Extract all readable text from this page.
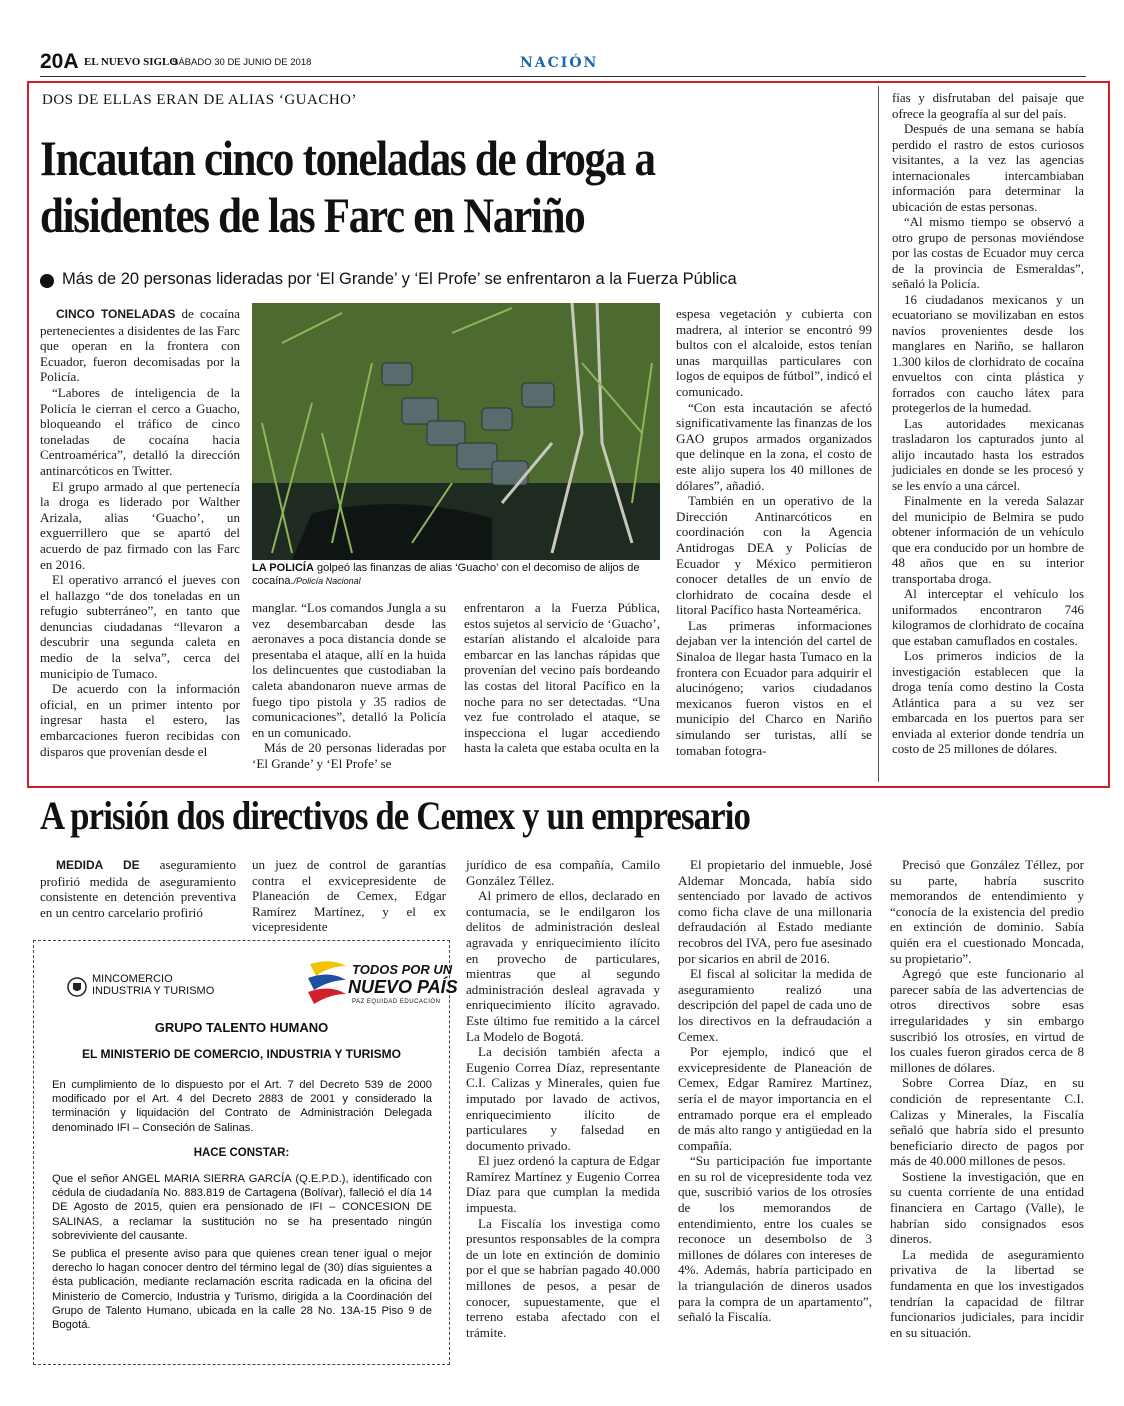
20A EL NUEVO SIGLO
SÁBADO 30 DE JUNIO DE 2018	NACIÓN
DOS DE ELLAS ERAN DE ALIAS ‘GUACHO’
Incautan cinco toneladas de droga a disidentes de las Farc en Nariño
Más de 20 personas lideradas por ‘El Grande’ y ‘El Profe’ se enfrentaron a la Fuerza Pública

CINCO TONELADAS de cocaína pertenecientes a disidentes de las Farc que operan en la frontera con Ecuador, fueron decomisadas por la Policía.

“Labores de inteligencia de la Policía le cierran el cerco a Guacho, bloqueando el tráfico de cinco toneladas de cocaína hacia Centroamérica”, detalló la dirección antinarcóticos en Twitter.

El grupo armado al que pertenecía la droga es liderado por Walther Arizala, alias ‘Guacho’, un exguerrillero que se apartó del acuerdo de paz firmado con las Farc en 2016.

El operativo arrancó el jueves con el hallazgo “de dos toneladas en un refugio subterráneo”, en tanto que denuncias ciudadanas “llevaron a descubrir una segunda caleta en medio de la selva”, cerca del municipio de Tumaco.

De acuerdo con la información oficial, en un primer intento por ingresar hasta el estero, las embarcaciones fueron recibidas con disparos que provenían desde el

LA POLICÍA golpeó las finanzas de alias ‘Guacho’ con el decomiso de alijos de cocaína./Policía Nacional

manglar. “Los comandos Jungla a su vez desembarcaban desde las aeronaves a poca distancia donde se presentaba el ataque, allí en la huida los delincuentes que custodiaban la caleta abandonaron nueve armas de fuego tipo pistola y 35 radios de comunicaciones”, detalló la Policía en un comunicado.

Más de 20 personas lideradas por ‘El Grande’ y ‘El Profe’ se

enfrentaron a la Fuerza Pública, estos sujetos al servicio de ‘Guacho’, estarían alistando el alcaloide para embarcar en las lanchas rápidas que provenían del vecino país bordeando las costas del litoral Pacífico en la noche para no ser detectadas. “Una vez fue controlado el ataque, se inspecciona el lugar accediendo hasta la caleta que estaba oculta en la

espesa vegetación y cubierta con madrera, al interior se encontró 99 bultos con el alcaloide, estos tenían unas marquillas particulares con logos de equipos de fútbol”, indicó el comunicado.

“Con esta incautación se afectó significativamente las finanzas de los GAO grupos armados organizados que delinque en la zona, el costo de este alijo supera los 40 millones de dólares”, añadió.

También en un operativo de la Dirección Antinarcóticos en coordinación con la Agencia Antidrogas DEA y Policías de Ecuador y México permitieron conocer detalles de un envío de clorhidrato de cocaína desde el litoral Pacífico hasta Norteamérica.

Las primeras informaciones dejaban ver la intención del cartel de Sinaloa de llegar hasta Tumaco en la frontera con Ecuador para adquirir el alucinógeno; varios ciudadanos mexicanos fueron vistos en el municipio del Charco en Nariño simulando ser turistas, allí se tomaban fotogra-

fías y disfrutaban del paisaje que ofrece la geografía al sur del país.

Después de una semana se había perdido el rastro de estos curiosos visitantes, a la vez las agencias internacionales intercambiaban información para determinar la ubicación de estas personas.

“Al mismo tiempo se observó a otro grupo de personas moviéndose por las costas de Ecuador muy cerca de la provincia de Esmeraldas”, señaló la Policía.

16 ciudadanos mexicanos y un ecuatoriano se movilizaban en estos navíos provenientes desde los manglares en Nariño, se hallaron 1.300 kilos de clorhidrato de cocaína envueltos con cinta plástica y forrados con caucho látex para protegerlos de la humedad.

Las autoridades mexicanas trasladaron los capturados junto al alijo incautado hasta los estrados judiciales en donde se les procesó y se les envío a una cárcel.

Finalmente en la vereda Salazar del municipio de Belmira se pudo obtener información de un vehículo que era conducido por un hombre de 48 años que en su interior transportaba droga.

Al interceptar el vehículo los uniformados encontraron 746 kilogramos de clorhidrato de cocaína que estaban camuflados en costales.

Los primeros indicios de la investigación establecen que la droga tenía como destino la Costa Atlántica para a su vez ser embarcada en los puertos para ser enviada al exterior donde tendría un costo de 25 millones de dólares.

A prisión dos directivos de Cemex y un empresario

MEDIDA DE aseguramiento profirió medida de aseguramiento consistente en detención preventiva en un centro carcelario profirió

un juez de control de garantías contra el exvicepresidente de Planeación de Cemex, Edgar Ramírez Martínez, y el ex vicepresidente

jurídico de esa compañía, Camilo González Téllez.

Al primero de ellos, declarado en contumacia, se le endilgaron los delitos de administración desleal agravada y enriquecimiento ilícito en provecho de particulares, mientras que al segundo administración desleal agravada y enriquecimiento ilícito agravado. Este último fue remitido a la cárcel La Modelo de Bogotá.

La decisión también afecta a Eugenio Correa Díaz, representante C.I. Calizas y Minerales, quien fue imputado por lavado de activos, enriquecimiento ilícito de particulares y falsedad en documento privado.

El juez ordenó la captura de Edgar Ramírez Martínez y Eugenio Correa Díaz para que cumplan la medida impuesta.

La Fiscalía los investiga como presuntos responsables de la compra de un lote en extinción de dominio por el que se habrían pagado 40.000 millones de pesos, a pesar de conocer, supuestamente, que el terreno estaba afectado con el trámite.

El propietario del inmueble, José Aldemar Moncada, había sido sentenciado por lavado de activos como ficha clave de una millonaria defraudación al Estado mediante recobros del IVA, pero fue asesinado por sicarios en abril de 2016.

El fiscal al solicitar la medida de aseguramiento realizó una descripción del papel de cada uno de los directivos en la defraudación a Cemex.

Por ejemplo, indicó que el exvicepresidente de Planeación de Cemex, Edgar Ramírez Martínez, sería el de mayor importancia en el entramado porque era el empleado de más alto rango y antigüedad en la compañía.

“Su participación fue importante en su rol de vicepresidente toda vez que, suscribió varios de los otrosíes de los memorandos de entendimiento, entre los cuales se reconoce un desembolso de 3 millones de dólares con intereses de 4%. Además, habría participado en la triangulación de dineros usados para la compra de un apartamento”, señaló la Fiscalía.

Precisó que González Téllez, por su parte, habría suscrito memorandos de entendimiento y “conocía de la existencia del predio en extinción de dominio. Sabía quién era el cuestionado Moncada, su propietario”.

Agregó que este funcionario al parecer sabía de las advertencias de otros directivos sobre esas irregularidades y sin embargo suscribió los otrosíes, en virtud de los cuales fueron girados cerca de 8 millones de dólares.

Sobre Correa Díaz, en su condición de representante C.I. Calizas y Minerales, la Fiscalía señaló que habría sido el presunto beneficiario directo de pagos por más de 40.000 millones de pesos.

Sostiene la investigación, que en su cuenta corriente de una entidad financiera en Cartago (Valle), le habrían sido consignados esos dineros.

La medida de aseguramiento privativa de la libertad se fundamenta en que los investigados tendrían la capacidad de filtrar funcionarios judiciales, para incidir en su situación.

MINCOMERCIO
INDUSTRIA Y TURISMO
TODOS POR UN
NUEVO PAÍS
PAZ EQUIDAD EDUCACIÓN
GRUPO TALENTO HUMANO
EL MINISTERIO DE COMERCIO, INDUSTRIA Y TURISMO
En cumplimiento de lo dispuesto por el Art. 7 del Decreto 539 de 2000 modificado por el Art. 4 del Decreto 2883 de 2001 y considerado la terminación y liquidación del Contrato de Administración Delegada denominado IFI – Conseción de Salinas.
HACE CONSTAR:
Que el señor ANGEL MARIA SIERRA GARCÍA (Q.E.P.D.), identificado con cédula de ciudadanía No. 883.819 de Cartagena (Bolívar), falleció el día 14 DE Agosto de 2015, quien era pensionado de IFI – CONCESION DE SALINAS, a reclamar la sustitución no se ha presentado ningún sobreviviente del causante.
Se publica el presente aviso para que quienes crean tener igual o mejor derecho lo hagan conocer dentro del término legal de (30) días siguientes a ésta publicación, mediante reclamación escrita radicada en la oficina del Ministerio de Comercio, Industria y Turismo, dirigida a la Coordinación del Grupo de Talento Humano, ubicada en la calle 28 No. 13A-15 Piso 9 de Bogotá.
